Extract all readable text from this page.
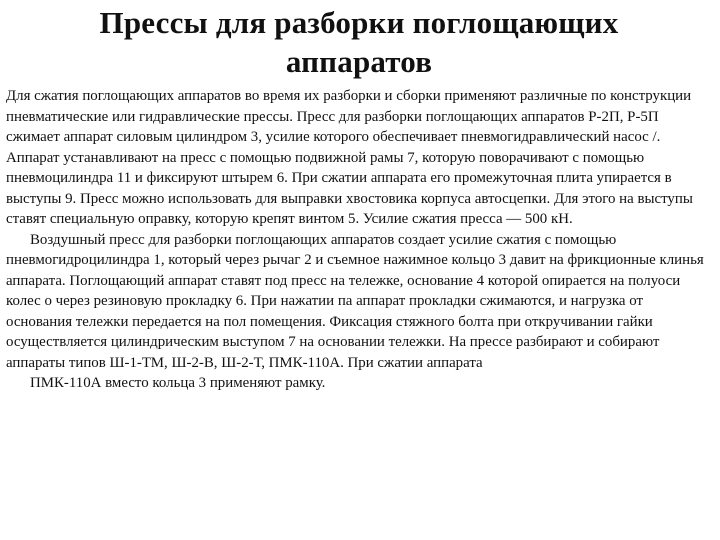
Прессы для разборки поглощающих
аппаратов

Для сжатия поглощающих аппаратов во время их разборки и сборки применяют различные по конструкции пневматические или гидравлические прессы. Пресс для разборки поглощающих аппаратов Р-2П, Р-5П сжимает аппарат силовым цилиндром 3, усилие которого обеспечивает пневмогидравлический насос /. Аппарат устанавливают на пресс с помощью подвижной рамы 7, которую поворачивают с помощью пневмоцилиндра 11 и фиксируют штырем 6. При сжатии аппарата его промежуточная плита упирается в выступы 9. Пресс можно использовать для выправки хвостовика корпуса автосцепки. Для этого на выступы ставят специальную оправку, которую крепят винтом 5. Усилие сжатия пресса — 500 кН.

Воздушный пресс для разборки поглощающих аппаратов создает усилие сжатия с помощью пневмогидроцилиндра 1, который через рычаг 2 и съемное нажимное кольцо 3 давит на фрикционные клинья аппарата. Поглощающий аппарат ставят под пресс на тележке, основание 4 которой опирается на полуоси колес о через резиновую прокладку 6. При нажатии па аппарат прокладки сжимаются, и нагрузка от основания тележки передается на пол помещения. Фиксация стяжного болта при откручивании гайки осуществляется цилиндрическим выступом 7 на основании тележки. На прессе разбирают и собирают аппараты типов Ш-1-ТМ, Ш-2-В, Ш-2-Т, ПМК-110А. При сжатии аппарата

ПМК-110А вместо кольца 3 применяют рамку.
